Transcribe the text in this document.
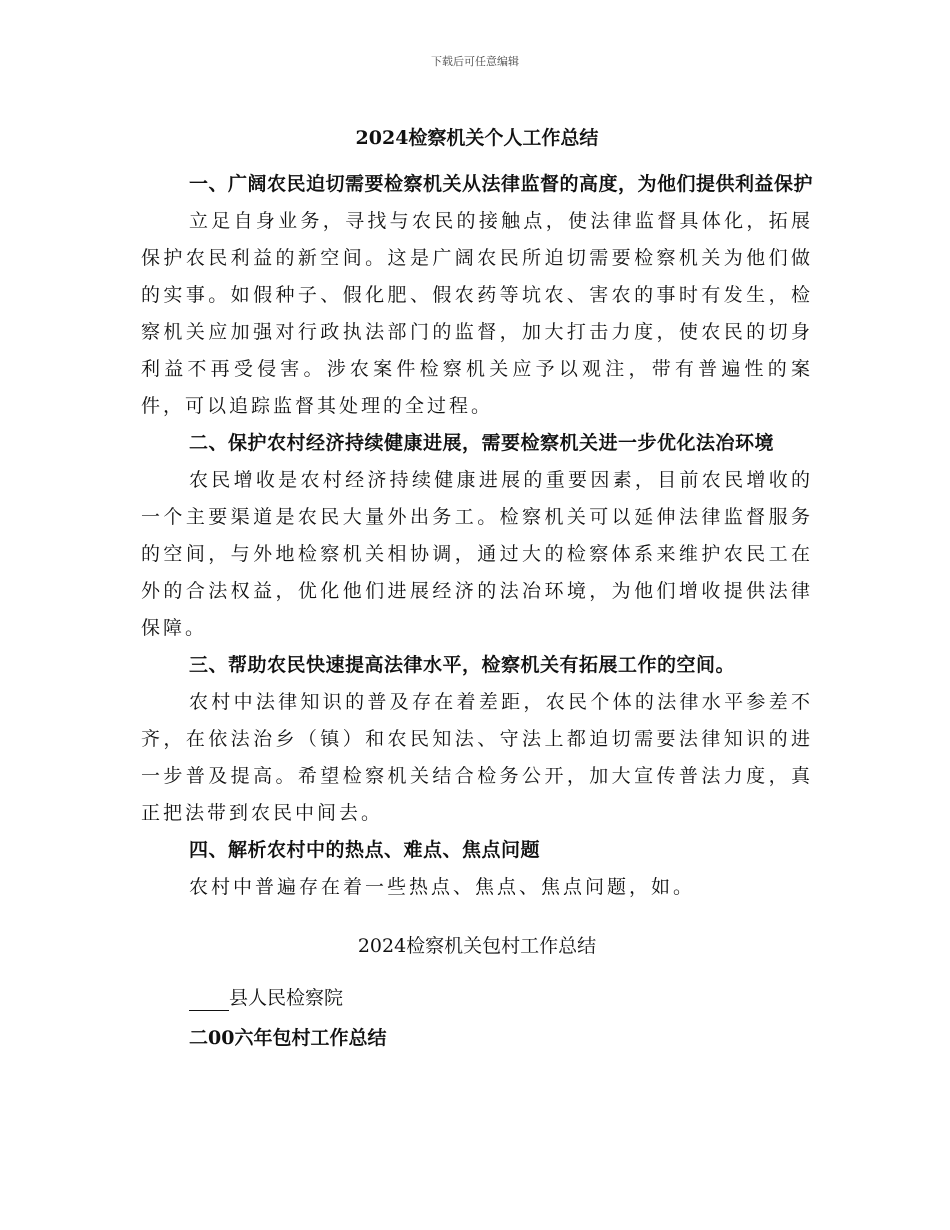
下载后可任意编辑
2024检察机关个人工作总结
一、广阔农民迫切需要检察机关从法律监督的高度，为他们提供利益保护
立足自身业务，寻找与农民的接触点，使法律监督具体化，拓展保护农民利益的新空间。这是广阔农民所迫切需要检察机关为他们做的实事。如假种子、假化肥、假农药等坑农、害农的事时有发生，检察机关应加强对行政执法部门的监督，加大打击力度，使农民的切身利益不再受侵害。涉农案件检察机关应予以观注，带有普遍性的案件，可以追踪监督其处理的全过程。
二、保护农村经济持续健康进展，需要检察机关进一步优化法冶环境
农民增收是农村经济持续健康进展的重要因素，目前农民增收的一个主要渠道是农民大量外出务工。检察机关可以延伸法律监督服务的空间，与外地检察机关相协调，通过大的检察体系来维护农民工在外的合法权益，优化他们进展经济的法冶环境，为他们增收提供法律保障。
三、帮助农民快速提高法律水平，检察机关有拓展工作的空间。
农村中法律知识的普及存在着差距，农民个体的法律水平参差不齐，在依法治乡（镇）和农民知法、守法上都迫切需要法律知识的进一步普及提高。希望检察机关结合检务公开，加大宣传普法力度，真正把法带到农民中间去。
四、解析农村中的热点、难点、焦点问题
农村中普遍存在着一些热点、焦点、焦点问题，如。
2024检察机关包村工作总结
县人民检察院
二00六年包村工作总结
